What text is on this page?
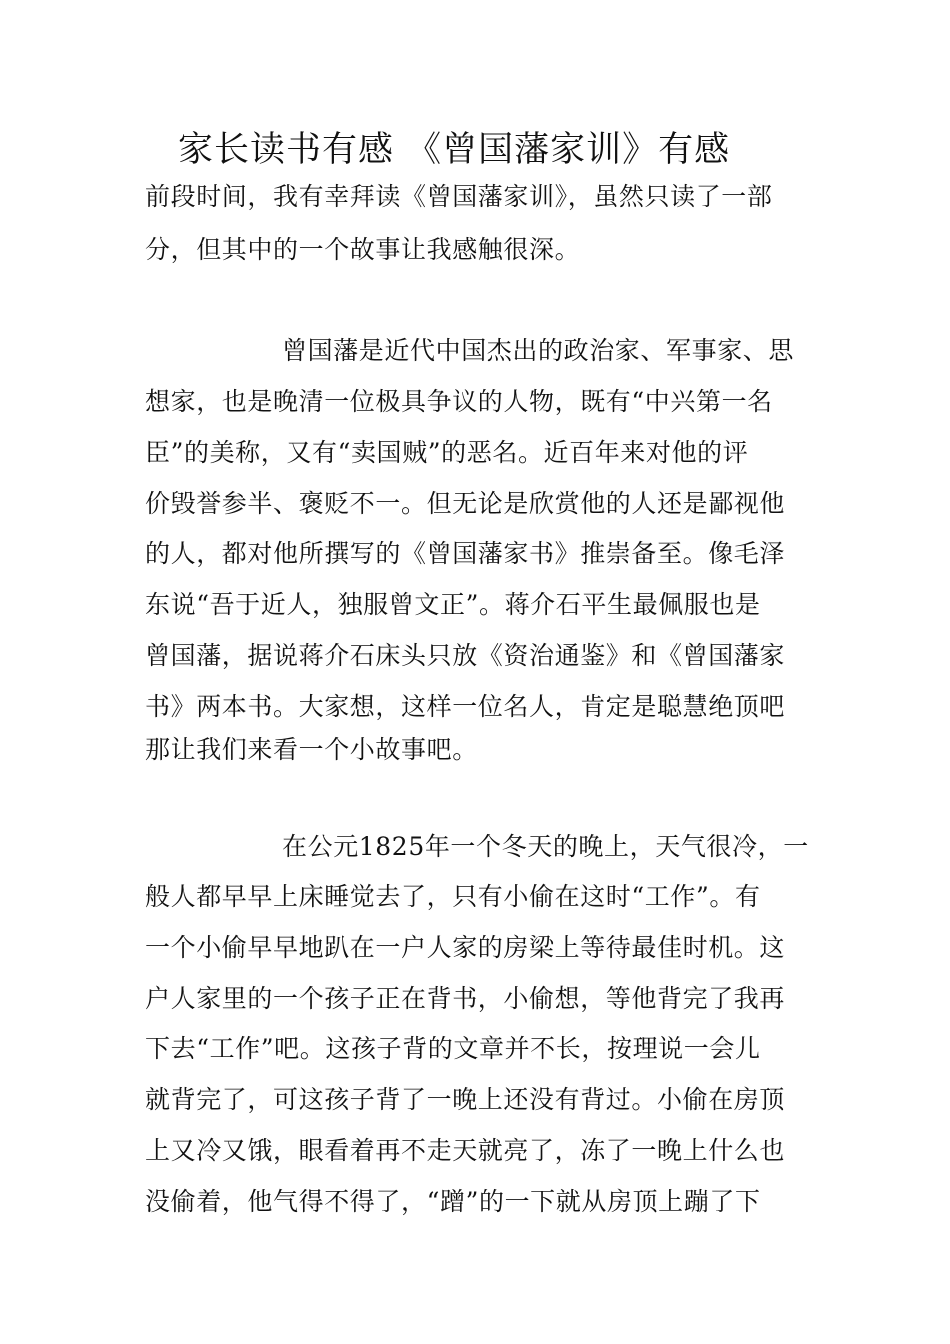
家长读书有感 《曾国藩家训》有感
前段时间，我有幸拜读《曾国藩家训》，虽然只读了一部
分，但其中的一个故事让我感触很深。
曾国藩是近代中国杰出的政治家、军事家、思
想家，也是晚清一位极具争议的人物，既有“中兴第一名
臣”的美称，又有“卖国贼”的恶名。近百年来对他的评
价毁誉参半、褒贬不一。但无论是欣赏他的人还是鄙视他
的人，都对他所撰写的《曾国藩家书》推崇备至。像毛泽
东说“吾于近人，独服曾文正”。蒋介石平生最佩服也是
曾国藩，据说蒋介石床头只放《资治通鉴》和《曾国藩家
书》两本书。大家想，这样一位名人，肯定是聪慧绝顶吧
那让我们来看一个小故事吧。
在公元1825年一个冬天的晚上，天气很冷，一
般人都早早上床睡觉去了，只有小偷在这时“工作”。有
一个小偷早早地趴在一户人家的房梁上等待最佳时机。这
户人家里的一个孩子正在背书，小偷想，等他背完了我再
下去“工作”吧。这孩子背的文章并不长，按理说一会儿
就背完了，可这孩子背了一晚上还没有背过。小偷在房顶
上又冷又饿，眼看着再不走天就亮了，冻了一晚上什么也
没偷着，他气得不得了，“蹭”的一下就从房顶上蹦了下
